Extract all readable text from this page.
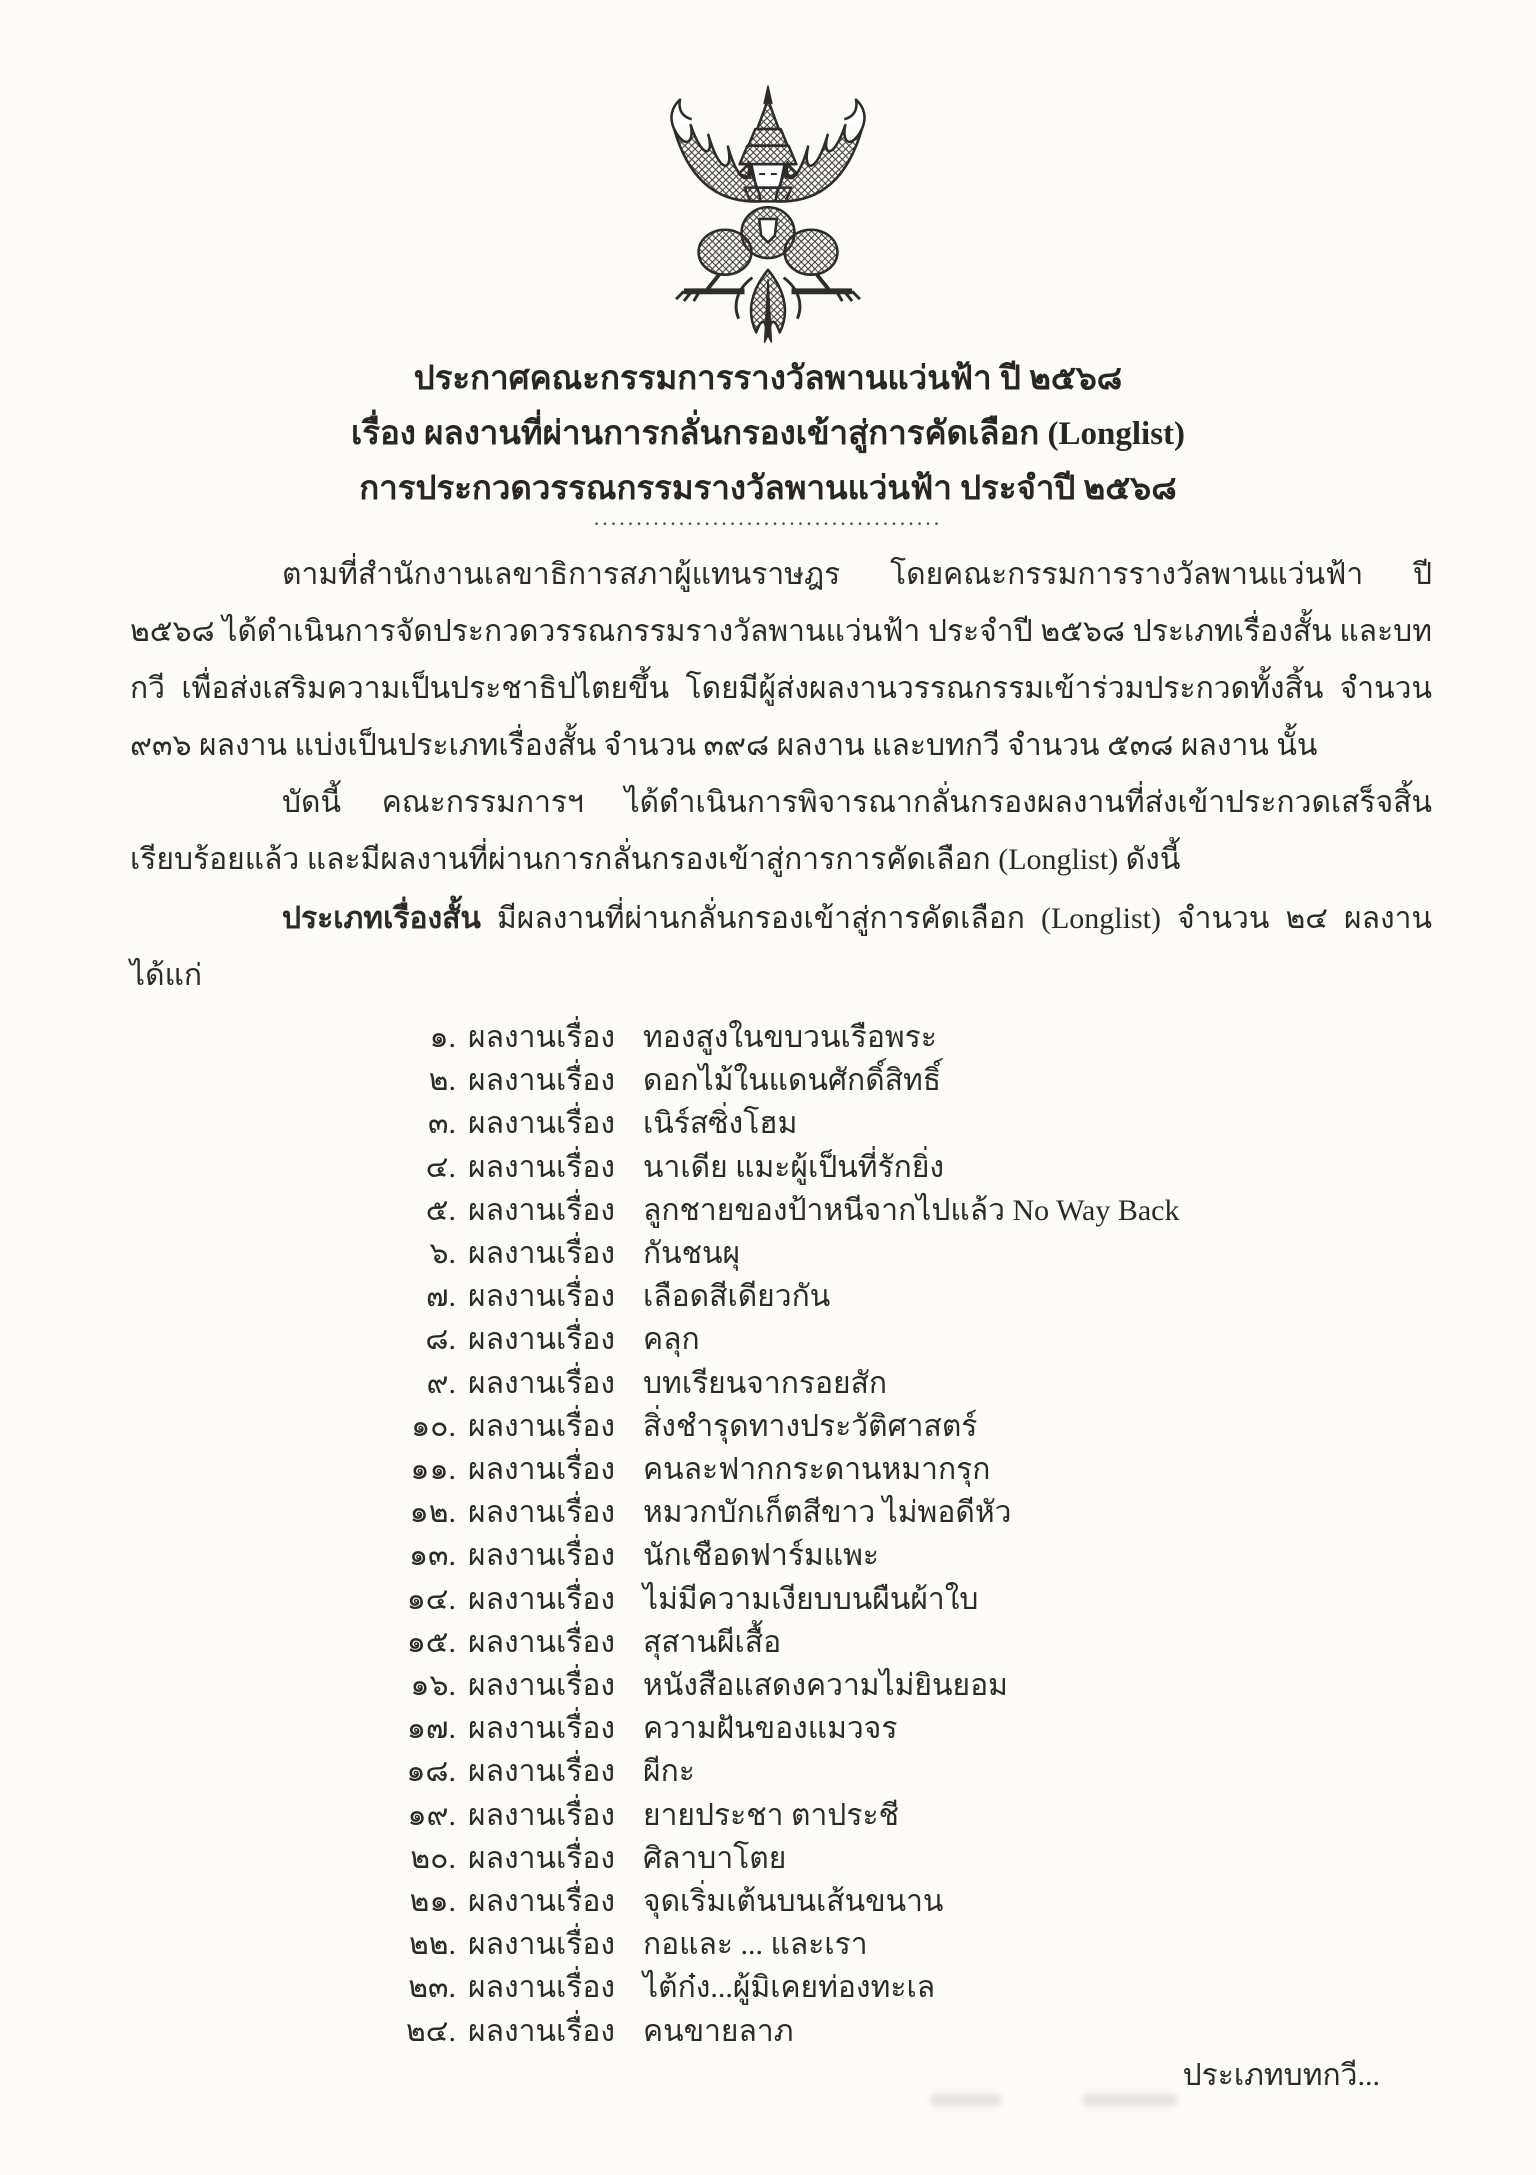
ประกาศคณะกรรมการรางวัลพานแว่นฟ้า ปี ๒๕๖๘
เรื่อง ผลงานที่ผ่านการกลั่นกรองเข้าสู่การคัดเลือก (Longlist)
การประกวดวรรณกรรมรางวัลพานแว่นฟ้า ประจำปี ๒๕๖๘
.........................................

ตามที่สำนักงานเลขาธิการสภาผู้แทนราษฎร โดยคณะกรรมการรางวัลพานแว่นฟ้า ปี ๒๕๖๘ ได้ดำเนินการจัดประกวดวรรณกรรมรางวัลพานแว่นฟ้า ประจำปี ๒๕๖๘ ประเภทเรื่องสั้น และบทกวี เพื่อส่งเสริมความเป็นประชาธิปไตยขึ้น โดยมีผู้ส่งผลงานวรรณกรรมเข้าร่วมประกวดทั้งสิ้น จำนวน ๙๓๖ ผลงาน แบ่งเป็นประเภทเรื่องสั้น จำนวน ๓๙๘ ผลงาน และบทกวี จำนวน ๕๓๘ ผลงาน นั้น

บัดนี้ คณะกรรมการฯ ได้ดำเนินการพิจารณากลั่นกรองผลงานที่ส่งเข้าประกวดเสร็จสิ้นเรียบร้อยแล้ว และมีผลงานที่ผ่านการกลั่นกรองเข้าสู่การการคัดเลือก (Longlist) ดังนี้

ประเภทเรื่องสั้น มีผลงานที่ผ่านกลั่นกรองเข้าสู่การคัดเลือก (Longlist) จำนวน ๒๔ ผลงาน ได้แก่

๑. ผลงานเรื่อง ทองสูงในขบวนเรือพระ
๒. ผลงานเรื่อง ดอกไม้ในแดนศักดิ์สิทธิ์
๓. ผลงานเรื่อง เนิร์สซิ่งโฮม
๔. ผลงานเรื่อง นาเดีย แมะผู้เป็นที่รักยิ่ง
๕. ผลงานเรื่อง ลูกชายของป้าหนีจากไปแล้ว No Way Back
๖. ผลงานเรื่อง กันชนผุ
๗. ผลงานเรื่อง เลือดสีเดียวกัน
๘. ผลงานเรื่อง คลุก
๙. ผลงานเรื่อง บทเรียนจากรอยสัก
๑๐. ผลงานเรื่อง สิ่งชำรุดทางประวัติศาสตร์
๑๑. ผลงานเรื่อง คนละฟากกระดานหมากรุก
๑๒. ผลงานเรื่อง หมวกบักเก็ตสีขาว ไม่พอดีหัว
๑๓. ผลงานเรื่อง นักเชือดฟาร์มแพะ
๑๔. ผลงานเรื่อง ไม่มีความเงียบบนผืนผ้าใบ
๑๕. ผลงานเรื่อง สุสานผีเสื้อ
๑๖. ผลงานเรื่อง หนังสือแสดงความไม่ยินยอม
๑๗. ผลงานเรื่อง ความฝันของแมวจร
๑๘. ผลงานเรื่อง ผีกะ
๑๙. ผลงานเรื่อง ยายประชา ตาประชี
๒๐. ผลงานเรื่อง ศิลาบาโตย
๒๑. ผลงานเรื่อง จุดเริ่มเต้นบนเส้นขนาน
๒๒. ผลงานเรื่อง กอและ ... และเรา
๒๓. ผลงานเรื่อง ไต้ก๋ง...ผู้มิเคยท่องทะเล
๒๔. ผลงานเรื่อง คนขายลาภ
ประเภทบทกวี...
